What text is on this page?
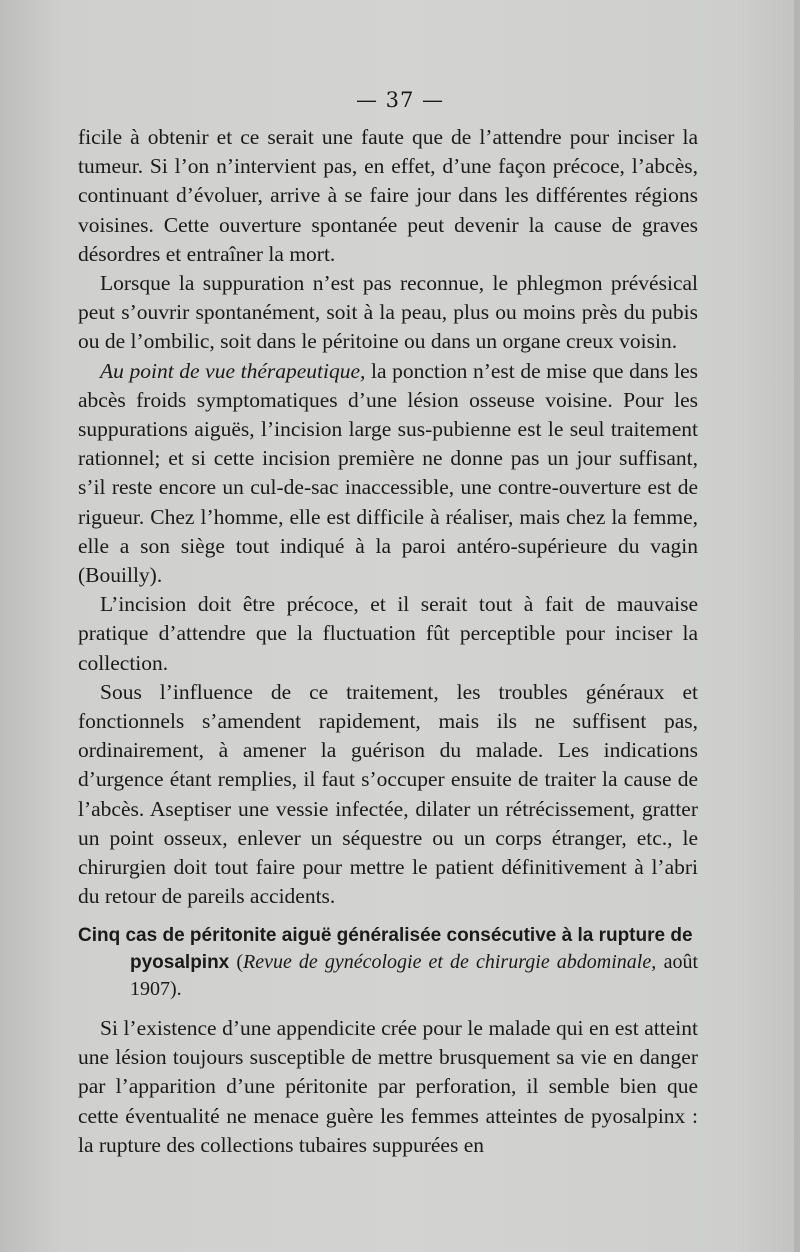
— 37 —

ficile à obtenir et ce serait une faute que de l’attendre pour inciser la tumeur. Si l’on n’intervient pas, en effet, d’une façon précoce, l’abcès, continuant d’évoluer, arrive à se faire jour dans les différentes régions voisines. Cette ouverture spontanée peut devenir la cause de graves désordres et entraîner la mort.

Lorsque la suppuration n’est pas reconnue, le phlegmon prévésical peut s’ouvrir spontanément, soit à la peau, plus ou moins près du pubis ou de l’ombilic, soit dans le péritoine ou dans un organe creux voisin.

Au point de vue thérapeutique, la ponction n’est de mise que dans les abcès froids symptomatiques d’une lésion osseuse voisine. Pour les suppurations aiguës, l’incision large sus-pubienne est le seul traitement rationnel; et si cette incision première ne donne pas un jour suffisant, s’il reste encore un cul-de-sac inaccessible, une contre-ouverture est de rigueur. Chez l’homme, elle est difficile à réaliser, mais chez la femme, elle a son siège tout indiqué à la paroi antéro-supérieure du vagin (Bouilly).

L’incision doit être précoce, et il serait tout à fait de mauvaise pratique d’attendre que la fluctuation fût perceptible pour inciser la collection.

Sous l’influence de ce traitement, les troubles généraux et fonctionnels s’amendent rapidement, mais ils ne suffisent pas, ordinairement, à amener la guérison du malade. Les indications d’urgence étant remplies, il faut s’occuper ensuite de traiter la cause de l’abcès. Aseptiser une vessie infectée, dilater un rétrécissement, gratter un point osseux, enlever un séquestre ou un corps étranger, etc., le chirurgien doit tout faire pour mettre le patient définitivement à l’abri du retour de pareils accidents.

Cinq cas de péritonite aiguë généralisée consécutive à la rupture de
pyosalpinx (Revue de gynécologie et de chirurgie abdominale, août 1907).

Si l’existence d’une appendicite crée pour le malade qui en est atteint une lésion toujours susceptible de mettre brusquement sa vie en danger par l’apparition d’une péritonite par perforation, il semble bien que cette éventualité ne menace guère les femmes atteintes de pyosalpinx : la rupture des collections tubaires suppurées en
